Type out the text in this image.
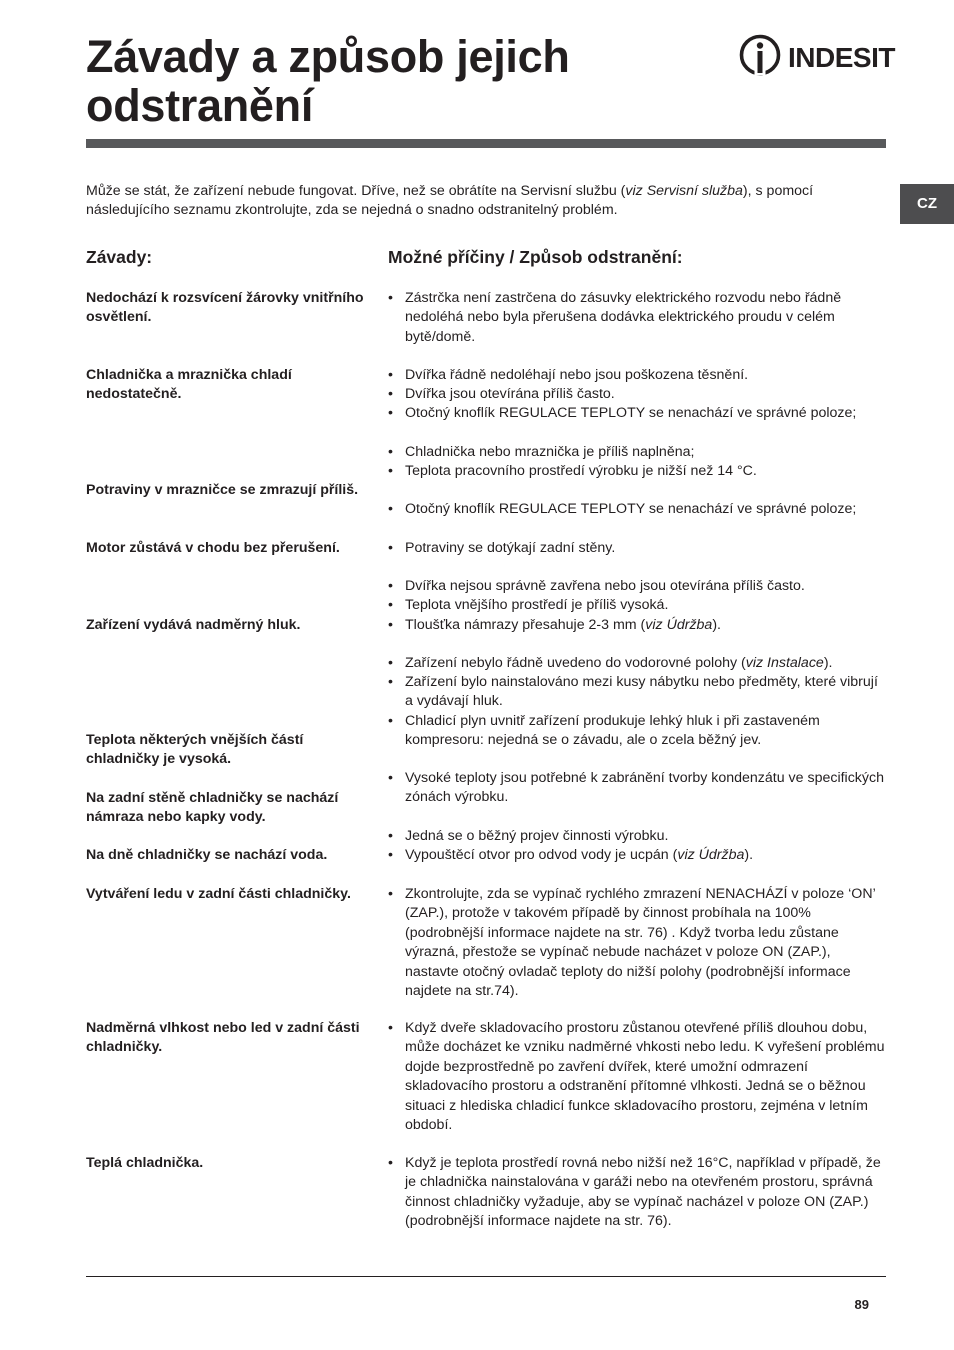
Závady a způsob jejich
odstranění
INDESIT
CZ

Může se stát, že zařízení nebude fungovat. Dříve, než se obrátíte na Servisní službu (viz Servisní služba), s pomocí následujícího seznamu zkontrolujte, zda se nejedná o snadno odstranitelný problém.

Závady:	Možné příčiny / Způsob odstranění:

Nedochází k rozsvícení žárovky vnitřního osvětlení.

Chladnička a mraznička chladí nedostatečně.

Potraviny v mrazničce se zmrazují příliš.

Motor zůstává v chodu bez přerušení.

Zařízení vydává nadměrný hluk.

Teplota některých vnějších částí chladničky je vysoká.

Na zadní stěně chladničky se nachází námraza nebo kapky vody.

Na dně chladničky se nachází voda.

Vytváření ledu v zadní části chladničky.

Nadměrná vlhkost nebo led v zadní části chladničky.

Teplá chladnička.

• Zástrčka není zastrčena do zásuvky elektrického rozvodu nebo řádně nedoléhá nebo byla přerušena dodávka elektrického proudu v celém bytě/domě.

• Dvířka řádně nedoléhají nebo jsou poškozena těsnění.

• Dvířka jsou otevírána příliš často.

• Otočný knoflík REGULACE TEPLOTY se nenachází ve správné poloze;

• Chladnička nebo mraznička je příliš naplněna;

• Teplota pracovního prostředí výrobku je nižší než 14 °C.

• Otočný knoflík REGULACE TEPLOTY se nenachází ve správné poloze;

• Potraviny se dotýkají zadní stěny.

• Dvířka nejsou správně zavřena nebo jsou otevírána příliš často.

• Teplota vnějšího prostředí je příliš vysoká.

• Tloušťka námrazy přesahuje 2-3 mm (viz Údržba).

• Zařízení nebylo řádně uvedeno do vodorovné polohy (viz Instalace).

• Zařízení bylo nainstalováno mezi kusy nábytku nebo předměty, které vibrují a vydávají hluk.

• Chladicí plyn uvnitř zařízení produkuje lehký hluk i při zastaveném kompresoru: nejedná se o závadu, ale o zcela běžný jev.

• Vysoké teploty jsou potřebné k zabránění tvorby kondenzátu ve specifických zónách výrobku.

• Jedná se o běžný projev činnosti výrobku.

• Vypouštěcí otvor pro odvod vody je ucpán (viz Údržba).

• Zkontrolujte, zda se vypínač rychlého zmrazení NENACHÁZÍ v poloze ‘ON’ (ZAP.), protože v takovém případě by činnost probíhala na 100% (podrobnější informace najdete na str. 76) . Když tvorba ledu zůstane výrazná, přestože se vypínač nebude nacházet v poloze ON (ZAP.), nastavte otočný ovladač teploty do nižší polohy (podrobnější informace najdete na str.74).

• Když dveře skladovacího prostoru zůstanou otevřené příliš dlouhou dobu, může docházet ke vzniku nadměrné vhkosti nebo ledu. K vyřešení problému dojde bezprostředně po zavření dvířek, které umožní odmrazení skladovacího prostoru a odstranění přítomné vlhkosti. Jedná se o běžnou situaci z hlediska chladicí funkce skladovacího prostoru, zejména v letním období.

• Když je teplota prostředí rovná nebo nižší než 16°C, například v případě, že je chladnička nainstalována v garáži nebo na otevřeném prostoru, správná činnost chladničky vyžaduje, aby se vypínač nacházel v poloze ON (ZAP.) (podrobnější informace najdete na str. 76).

89
